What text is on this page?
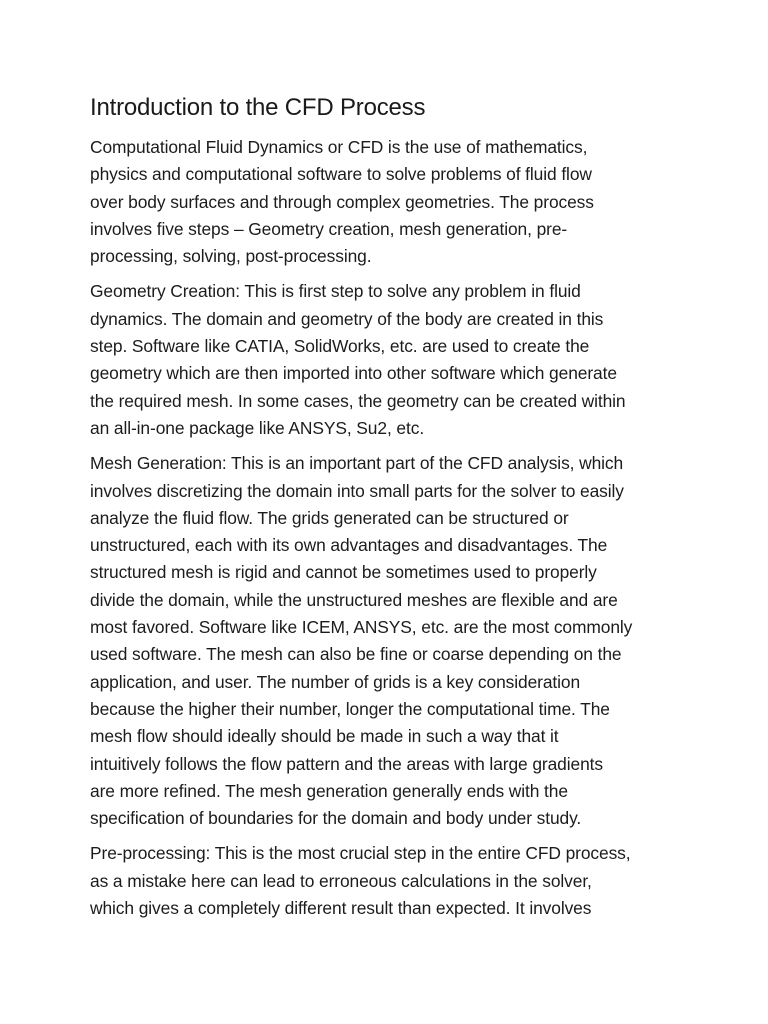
Introduction to the CFD Process

Computational Fluid Dynamics or CFD is the use of mathematics,
physics and computational software to solve problems of fluid flow
over body surfaces and through complex geometries. The process
involves five steps – Geometry creation, mesh generation, pre-
processing, solving, post-processing.

Geometry Creation: This is first step to solve any problem in fluid
dynamics. The domain and geometry of the body are created in this
step. Software like CATIA, SolidWorks, etc. are used to create the
geometry which are then imported into other software which generate
the required mesh. In some cases, the geometry can be created within
an all-in-one package like ANSYS, Su2, etc.

Mesh Generation: This is an important part of the CFD analysis, which
involves discretizing the domain into small parts for the solver to easily
analyze the fluid flow. The grids generated can be structured or
unstructured, each with its own advantages and disadvantages. The
structured mesh is rigid and cannot be sometimes used to properly
divide the domain, while the unstructured meshes are flexible and are
most favored. Software like ICEM, ANSYS, etc. are the most commonly
used software. The mesh can also be fine or coarse depending on the
application, and user. The number of grids is a key consideration
because the higher their number, longer the computational time. The
mesh flow should ideally should be made in such a way that it
intuitively follows the flow pattern and the areas with large gradients
are more refined. The mesh generation generally ends with the
specification of boundaries for the domain and body under study.

Pre-processing: This is the most crucial step in the entire CFD process,
as a mistake here can lead to erroneous calculations in the solver,
which gives a completely different result than expected. It involves
